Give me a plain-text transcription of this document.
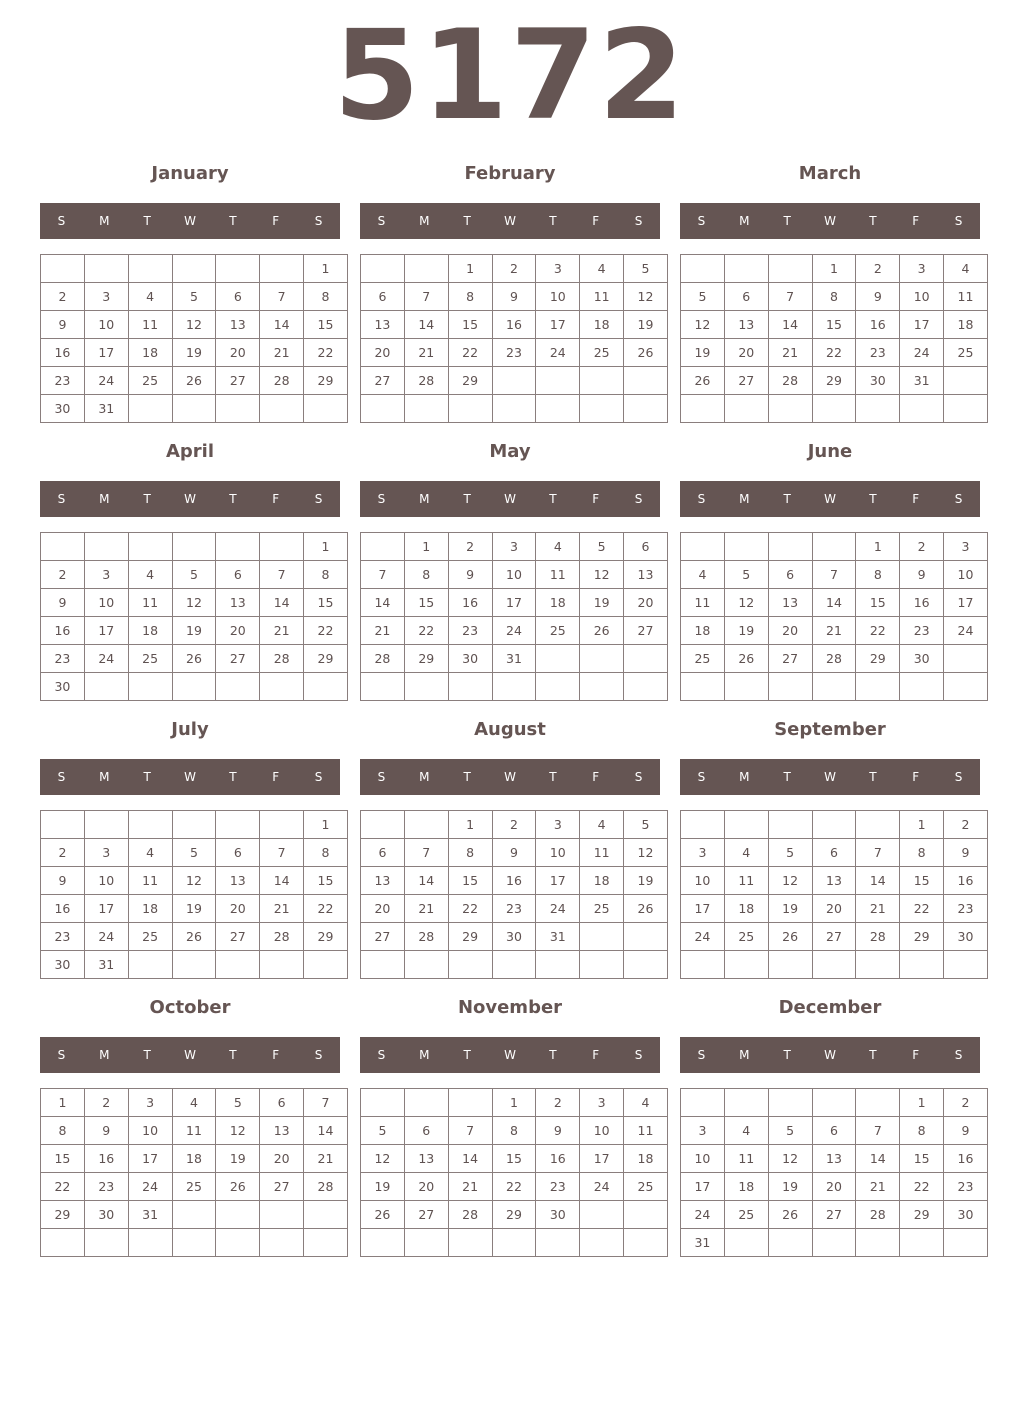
5172
January
S	M	T	W	T	F	S
						1
2	3	4	5	6	7	8
9	10	11	12	13	14	15
16	17	18	19	20	21	22
23	24	25	26	27	28	29
30	31					
February
S	M	T	W	T	F	S
		1	2	3	4	5
6	7	8	9	10	11	12
13	14	15	16	17	18	19
20	21	22	23	24	25	26
27	28	29				

March
S	M	T	W	T	F	S
			1	2	3	4
5	6	7	8	9	10	11
12	13	14	15	16	17	18
19	20	21	22	23	24	25
26	27	28	29	30	31	

April
S	M	T	W	T	F	S
						1
2	3	4	5	6	7	8
9	10	11	12	13	14	15
16	17	18	19	20	21	22
23	24	25	26	27	28	29
30						
May
S	M	T	W	T	F	S
	1	2	3	4	5	6
7	8	9	10	11	12	13
14	15	16	17	18	19	20
21	22	23	24	25	26	27
28	29	30	31			

June
S	M	T	W	T	F	S
				1	2	3
4	5	6	7	8	9	10
11	12	13	14	15	16	17
18	19	20	21	22	23	24
25	26	27	28	29	30	

July
S	M	T	W	T	F	S
						1
2	3	4	5	6	7	8
9	10	11	12	13	14	15
16	17	18	19	20	21	22
23	24	25	26	27	28	29
30	31					
August
S	M	T	W	T	F	S
		1	2	3	4	5
6	7	8	9	10	11	12
13	14	15	16	17	18	19
20	21	22	23	24	25	26
27	28	29	30	31		

September
S	M	T	W	T	F	S
					1	2
3	4	5	6	7	8	9
10	11	12	13	14	15	16
17	18	19	20	21	22	23
24	25	26	27	28	29	30

October
S	M	T	W	T	F	S
1	2	3	4	5	6	7
8	9	10	11	12	13	14
15	16	17	18	19	20	21
22	23	24	25	26	27	28
29	30	31				

November
S	M	T	W	T	F	S
			1	2	3	4
5	6	7	8	9	10	11
12	13	14	15	16	17	18
19	20	21	22	23	24	25
26	27	28	29	30		

December
S	M	T	W	T	F	S
					1	2
3	4	5	6	7	8	9
10	11	12	13	14	15	16
17	18	19	20	21	22	23
24	25	26	27	28	29	30
31						
